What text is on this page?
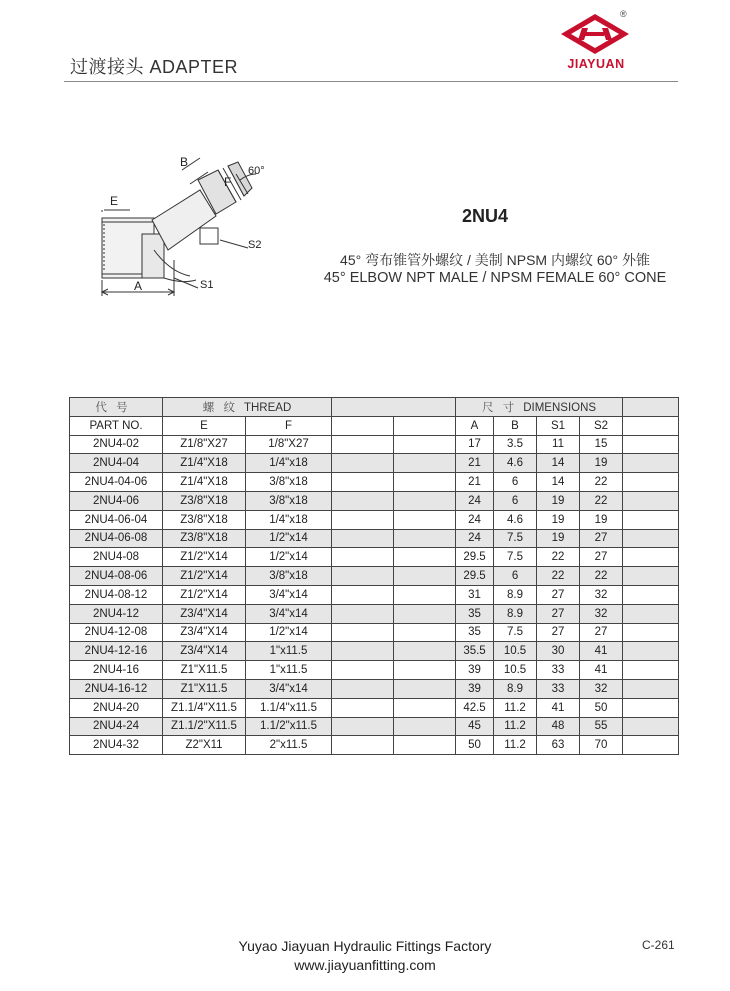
过渡接头 ADAPTER
®
JIAYUAN
B
F
60°
E
S2
A	S1
2NU4
45° 弯布锥管外螺纹 / 美制 NPSM 内螺纹 60° 外锥
45° ELBOW NPT MALE / NPSM FEMALE 60° CONE
代 号	螺 纹 THREAD				尺 寸 DIMENSIONS				
PART NO.	E	F			A	B	S1	S2	
2NU4-02	Z1/8"X27	1/8"X27			17	3.5	11	15	
2NU4-04	Z1/4"X18	1/4"x18			21	4.6	14	19	
2NU4-04-06	Z1/4"X18	3/8"x18			21	6	14	22	
2NU4-06	Z3/8"X18	3/8"x18			24	6	19	22	
2NU4-06-04	Z3/8"X18	1/4"x18			24	4.6	19	19	
2NU4-06-08	Z3/8"X18	1/2"x14			24	7.5	19	27	
2NU4-08	Z1/2"X14	1/2"x14			29.5	7.5	22	27	
2NU4-08-06	Z1/2"X14	3/8"x18			29.5	6	22	22	
2NU4-08-12	Z1/2"X14	3/4"x14			31	8.9	27	32	
2NU4-12	Z3/4"X14	3/4"x14			35	8.9	27	32	
2NU4-12-08	Z3/4"X14	1/2"x14			35	7.5	27	27	
2NU4-12-16	Z3/4"X14	1"x11.5			35.5	10.5	30	41	
2NU4-16	Z1"X11.5	1"x11.5			39	10.5	33	41	
2NU4-16-12	Z1"X11.5	3/4"x14			39	8.9	33	32	
2NU4-20	Z1.1/4"X11.5	1.1/4"x11.5			42.5	11.2	41	50	
2NU4-24	Z1.1/2"X11.5	1.1/2"x11.5			45	11.2	48	55	
2NU4-32	Z2"X11	2"x11.5			50	11.2	63	70	
Yuyao Jiayuan Hydraulic Fittings Factory
www.jiayuanfitting.com
C-261
